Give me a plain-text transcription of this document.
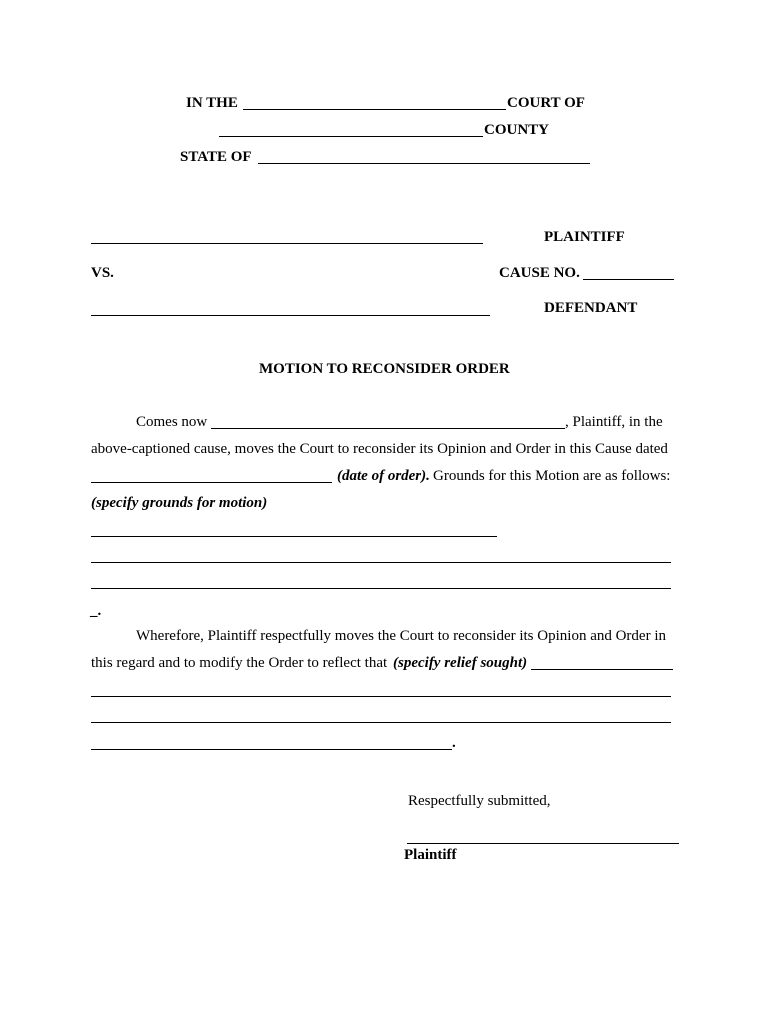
IN THE	COURT OF
COUNTY
STATE OF
PLAINTIFF
VS.	CAUSE NO.
DEFENDANT
MOTION TO RECONSIDER ORDER
Comes now	, Plaintiff, in the
above-captioned cause, moves the Court to reconsider its Opinion and Order in this Cause dated
(date of order). Grounds for this Motion are as follows:
(specify grounds for motion)
_.
Wherefore, Plaintiff respectfully moves the Court to reconsider its Opinion and Order in
this regard and to modify the Order to reflect that (specify relief sought)
.
Respectfully submitted,
Plaintiff
